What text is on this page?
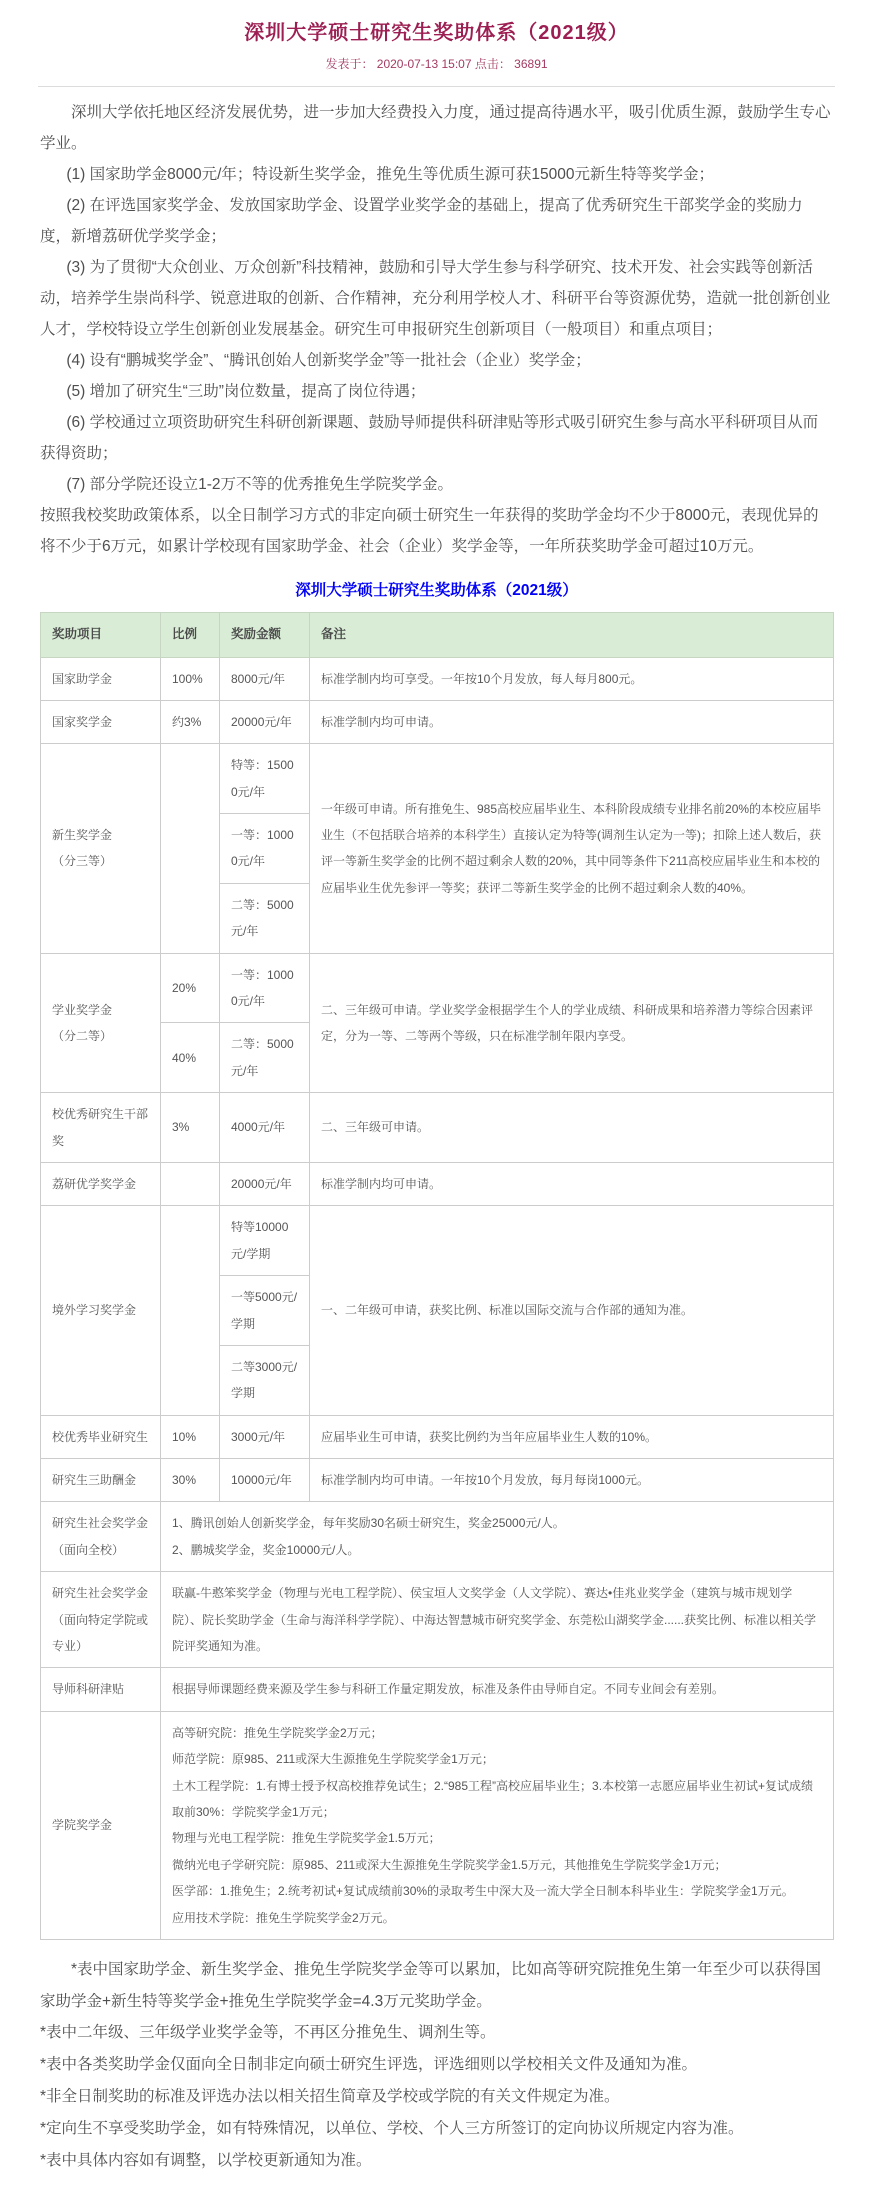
深圳大学硕士研究生奖助体系（2021级）
发表于： 2020-07-13 15:07 点击： 36891

深圳大学依托地区经济发展优势，进一步加大经费投入力度，通过提高待遇水平，吸引优质生源，鼓励学生专心学业。

(1) 国家助学金8000元/年；特设新生奖学金，推免生等优质生源可获15000元新生特等奖学金；

(2) 在评选国家奖学金、发放国家助学金、设置学业奖学金的基础上，提高了优秀研究生干部奖学金的奖励力度，新增荔研优学奖学金；

(3) 为了贯彻“大众创业、万众创新”科技精神，鼓励和引导大学生参与科学研究、技术开发、社会实践等创新活动，培养学生崇尚科学、锐意进取的创新、合作精神，充分利用学校人才、科研平台等资源优势，造就一批创新创业人才，学校特设立学生创新创业发展基金。研究生可申报研究生创新项目（一般项目）和重点项目；

(4) 设有“鹏城奖学金”、“腾讯创始人创新奖学金”等一批社会（企业）奖学金；

(5) 增加了研究生“三助”岗位数量，提高了岗位待遇；

(6) 学校通过立项资助研究生科研创新课题、鼓励导师提供科研津贴等形式吸引研究生参与高水平科研项目从而获得资助；

(7) 部分学院还设立1-2万不等的优秀推免生学院奖学金。

按照我校奖助政策体系，以全日制学习方式的非定向硕士研究生一年获得的奖助学金均不少于8000元，表现优异的将不少于6万元，如累计学校现有国家助学金、社会（企业）奖学金等，一年所获奖助学金可超过10万元。

深圳大学硕士研究生奖助体系（2021级）
奖助项目	比例	奖励金额	备注
国家助学金	100%	8000元/年	标准学制内均可享受。一年按10个月发放，每人每月800元。
国家奖学金	约3%	20000元/年	标准学制内均可申请。

新生奖学金
（分三等）		特等：15000元/年	一年级可申请。所有推免生、985高校应届毕业生、本科阶段成绩专业排名前20%的本校应届毕业生（不包括联合培养的本科学生）直接认定为特等(调剂生认定为一等)；扣除上述人数后，获评一等新生奖学金的比例不超过剩余人数的20%，其中同等条件下211高校应届毕业生和本校的应届毕业生优先参评一等奖；获评二等新生奖学金的比例不超过剩余人数的40%。
		一等：10000元/年	
		二等：5000元/年	

学业奖学金
（分二等）	20%	一等：10000元/年	二、三年级可申请。学业奖学金根据学生个人的学业成绩、科研成果和培养潜力等综合因素评定，分为一等、二等两个等级，只在标准学制年限内享受。
	40%	二等：5000元/年	
校优秀研究生干部奖	3%	4000元/年	二、三年级可申请。
荔研优学奖学金		20000元/年	标准学制内均可申请。
境外学习奖学金		特等10000元/学期	一、二年级可申请，获奖比例、标准以国际交流与合作部的通知为准。
		一等5000元/学期	
		二等3000元/学期	
校优秀毕业研究生	10%	3000元/年	应届毕业生可申请，获奖比例约为当年应届毕业生人数的10%。
研究生三助酬金	30%	10000元/年	标准学制内均可申请。一年按10个月发放，每月每岗1000元。

研究生社会奖学金
（面向全校）	1、腾讯创始人创新奖学金，每年奖励30名硕士研究生，奖金25000元/人。
2、鹏城奖学金，奖金10000元/人。		

研究生社会奖学金
（面向特定学院或专业）	联赢-牛憨笨奖学金（物理与光电工程学院）、侯宝垣人文奖学金（人文学院）、赛达•佳兆业奖学金（建筑与城市规划学院）、院长奖助学金（生命与海洋科学学院）、中海达智慧城市研究奖学金、东莞松山湖奖学金......获奖比例、标准以相关学院评奖通知为准。		
导师科研津贴	根据导师课题经费来源及学生参与科研工作量定期发放，标准及条件由导师自定。不同专业间会有差别。		
学院奖学金	
高等研究院：推免生学院奖学金2万元；
师范学院：原985、211或深大生源推免生学院奖学金1万元；
土木工程学院：1.有博士授予权高校推荐免试生；2.“985工程”高校应届毕业生；3.本校第一志愿应届毕业生初试+复试成绩取前30%：学院奖学金1万元；
物理与光电工程学院：推免生学院奖学金1.5万元；
微纳光电子学研究院：原985、211或深大生源推免生学院奖学金1.5万元，其他推免生学院奖学金1万元；
医学部：1.推免生；2.统考初试+复试成绩前30%的录取考生中深大及一流大学全日制本科毕业生：学院奖学金1万元。
应用技术学院：推免生学院奖学金2万元。

*表中国家助学金、新生奖学金、推免生学院奖学金等可以累加，比如高等研究院推免生第一年至少可以获得国家助学金+新生特等奖学金+推免生学院奖学金=4.3万元奖助学金。

*表中二年级、三年级学业奖学金等，不再区分推免生、调剂生等。

*表中各类奖助学金仅面向全日制非定向硕士研究生评选，评选细则以学校相关文件及通知为准。

*非全日制奖助的标准及评选办法以相关招生简章及学校或学院的有关文件规定为准。

*定向生不享受奖助学金，如有特殊情况，以单位、学校、个人三方所签订的定向协议所规定内容为准。

*表中具体内容如有调整，以学校更新通知为准。
